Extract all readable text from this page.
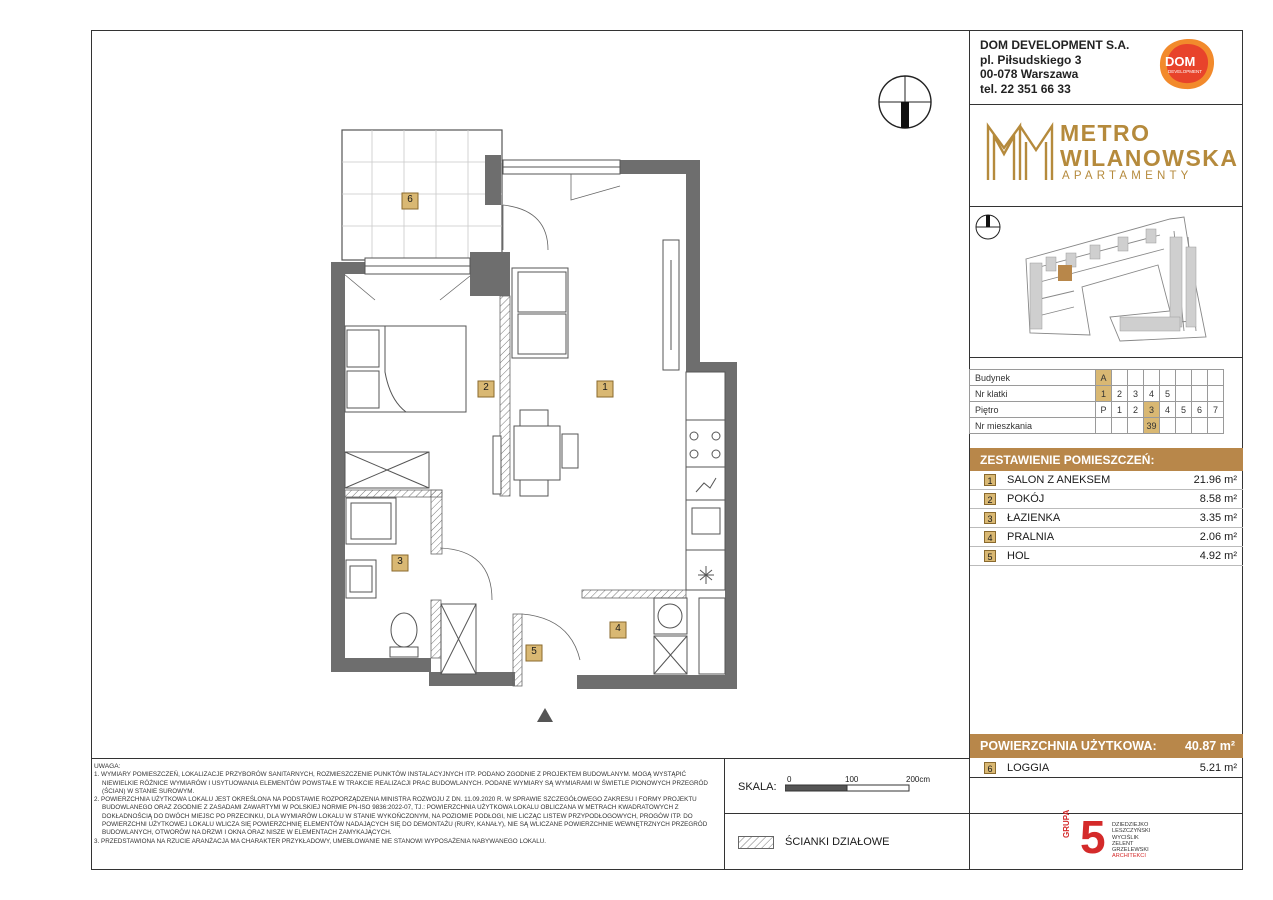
1
2
3
4
5
6
DOM DEVELOPMENT S.A.
pl. Piłsudskiego 3
00-078 Warszawa
tel. 22 351 66 33
DOM
DEVELOPMENT
METRO
WILANOWSKA
APARTAMENTY
Budynek	A							
Nr klatki	1	2	3	4	5			
Piętro	P	1	2	3	4	5	6	7
Nr mieszkania				39				
ZESTAWIENIE POMIESZCZEŃ:
1	SALON Z ANEKSEM	21.96 m²
2	POKÓJ	8.58 m²
3	ŁAZIENKA	3.35 m²
4	PRALNIA	2.06 m²
5	HOL	4.92 m²
POWIERZCHNIA UŻYTKOWA: 40.87 m²
6	LOGGIA	5.21 m²
UWAGA:
1. WYMIARY POMIESZCZEŃ, LOKALIZACJE PRZYBORÓW SANITARNYCH, ROZMIESZCZENIE PUNKTÓW INSTALACYJNYCH ITP. PODANO ZGODNIE Z PROJEKTEM BUDOWLANYM. MOGĄ WYSTĄPIĆ NIEWIELKIE RÓŻNICE WYMIARÓW I USYTUOWANIA ELEMENTÓW POWSTAŁE W TRAKCIE REALIZACJI PRAC BUDOWLANYCH. PODANE WYMIARY SĄ WYMIARAMI W ŚWIETLE PIONOWYCH PRZEGRÓD (ŚCIAN) W STANIE SUROWYM.
2. POWIERZCHNIA UŻYTKOWA LOKALU JEST OKREŚLONA NA PODSTAWIE ROZPORZĄDZENIA MINISTRA ROZWOJU Z DN. 11.09.2020 R. W SPRAWIE SZCZEGÓŁOWEGO ZAKRESU I FORMY PROJEKTU BUDOWLANEGO ORAZ ZGODNIE Z ZASADAMI ZAWARTYMI W POLSKIEJ NORMIE PN-ISO 9836:2022-07, TJ.: POWIERZCHNIA UŻYTKOWA LOKALU OBLICZANA W METRACH KWADRATOWYCH Z DOKŁADNOŚCIĄ DO DWÓCH MIEJSC PO PRZECINKU, DLA WYMIARÓW LOKALU W STANIE WYKOŃCZONYM, NA POZIOMIE PODŁOGI, NIE LICZĄC LISTEW PRZYPODŁOGOWYCH, PROGÓW ITP. DO POWIERZCHNI UŻYTKOWEJ LOKALU WLICZA SIĘ POWIERZCHNIĘ ELEMENTÓW NADAJĄCYCH SIĘ DO DEMONTAŻU (RURY, KANAŁY), NIE SĄ WLICZANE POWIERZCHNIE WEWNĘTRZNYCH PRZEGRÓD BUDOWLANYCH, OTWORÓW NA DRZWI I OKNA ORAZ NISZE W ELEMENTACH ZAMYKAJĄCYCH.
3. PRZEDSTAWIONA NA RZUCIE ARANŻACJA MA CHARAKTER PRZYKŁADOWY, UMEBLOWANIE NIE STANOWI WYPOSAŻENIA NABYWANEGO LOKALU.
SKALA:
0	100	200cm
ŚCIANKI DZIAŁOWE
GRUPA 5 DZIEDZIEJKO
LESZCZYŃSKI
WYCIŚLIK
ZELENT
GRZELEWSKI
ARCHITEKCI
